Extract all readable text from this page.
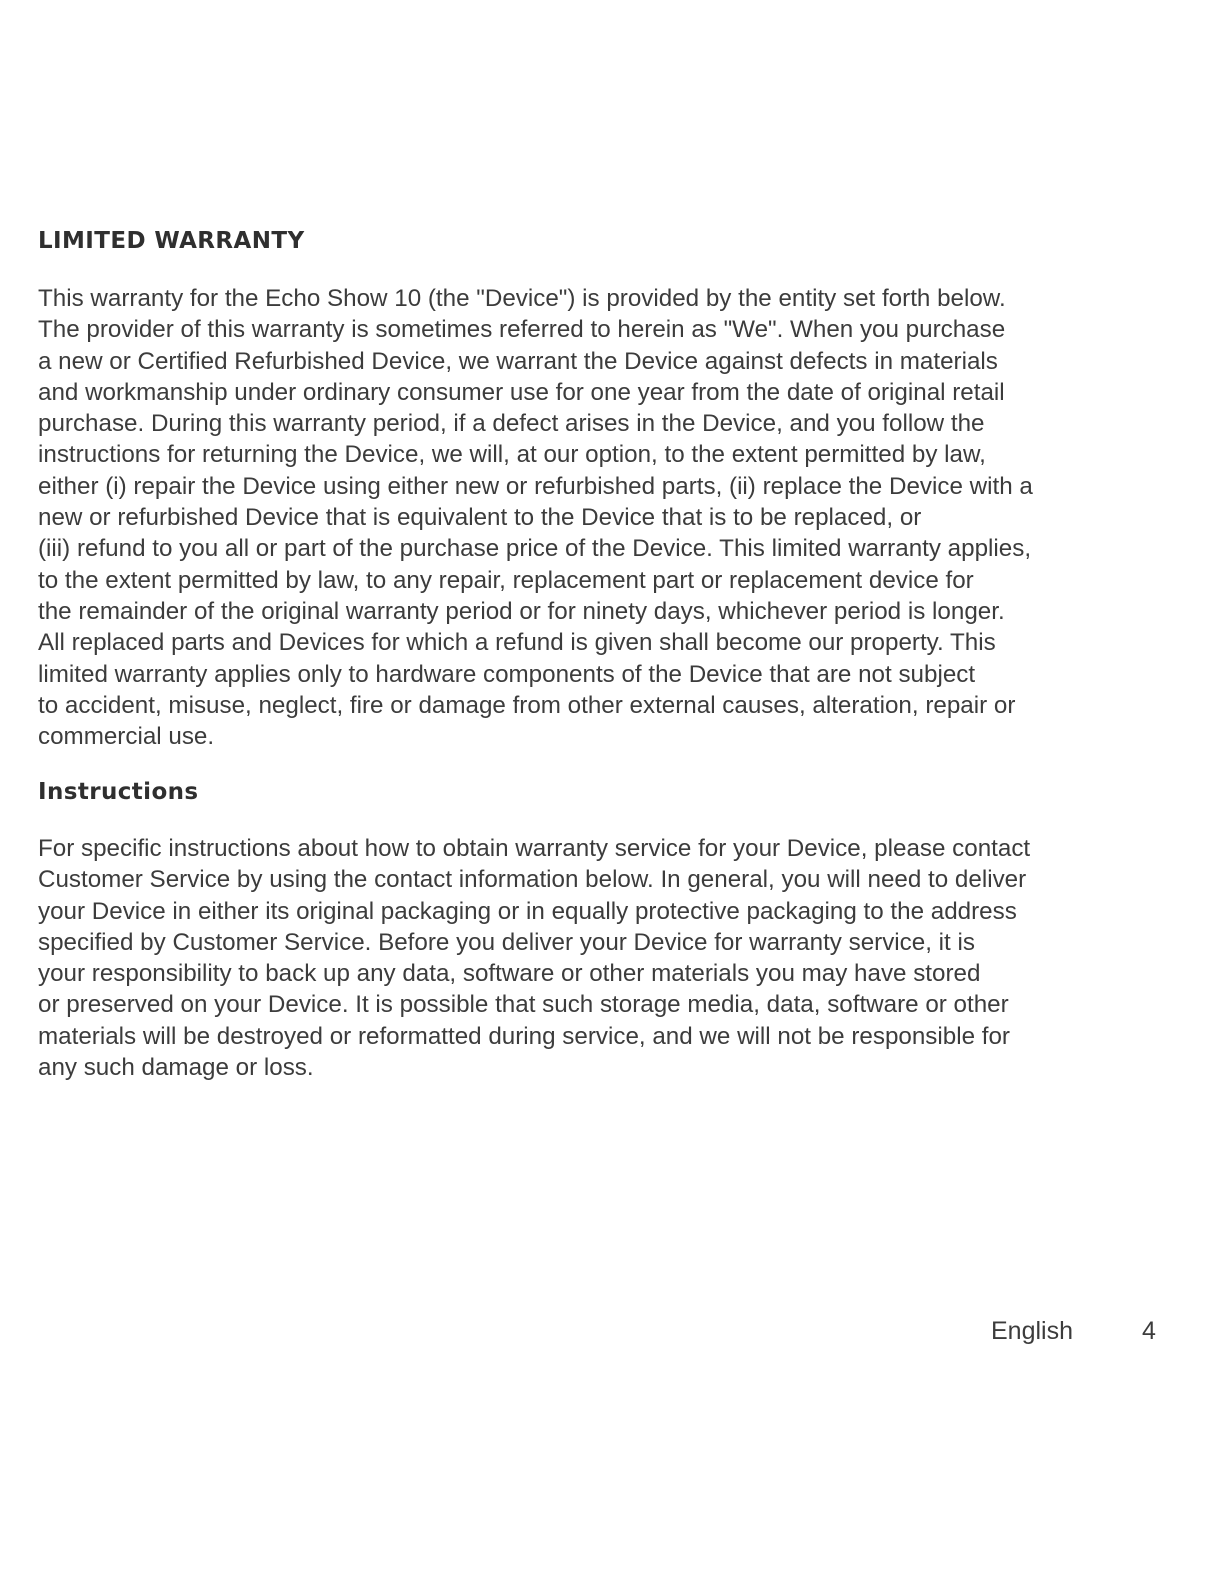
LIMITED WARRANTY

This warranty for the Echo Show 10 (the "Device") is provided by the entity set forth below.
The provider of this warranty is sometimes referred to herein as "We". When you purchase
a new or Certified Refurbished Device, we warrant the Device against defects in materials
and workmanship under ordinary consumer use for one year from the date of original retail
purchase. During this warranty period, if a defect arises in the Device, and you follow the
instructions for returning the Device, we will, at our option, to the extent permitted by law,
either (i) repair the Device using either new or refurbished parts, (ii) replace the Device with a
new or refurbished Device that is equivalent to the Device that is to be replaced, or
(iii) refund to you all or part of the purchase price of the Device. This limited warranty applies,
to the extent permitted by law, to any repair, replacement part or replacement device for
the remainder of the original warranty period or for ninety days, whichever period is longer.
All replaced parts and Devices for which a refund is given shall become our property. This
limited warranty applies only to hardware components of the Device that are not subject
to accident, misuse, neglect, fire or damage from other external causes, alteration, repair or
commercial use.

Instructions

For specific instructions about how to obtain warranty service for your Device, please contact
Customer Service by using the contact information below. In general, you will need to deliver
your Device in either its original packaging or in equally protective packaging to the address
specified by Customer Service. Before you deliver your Device for warranty service, it is
your responsibility to back up any data, software or other materials you may have stored
or preserved on your Device. It is possible that such storage media, data, software or other
materials will be destroyed or reformatted during service, and we will not be responsible for
any such damage or loss.

English	4
